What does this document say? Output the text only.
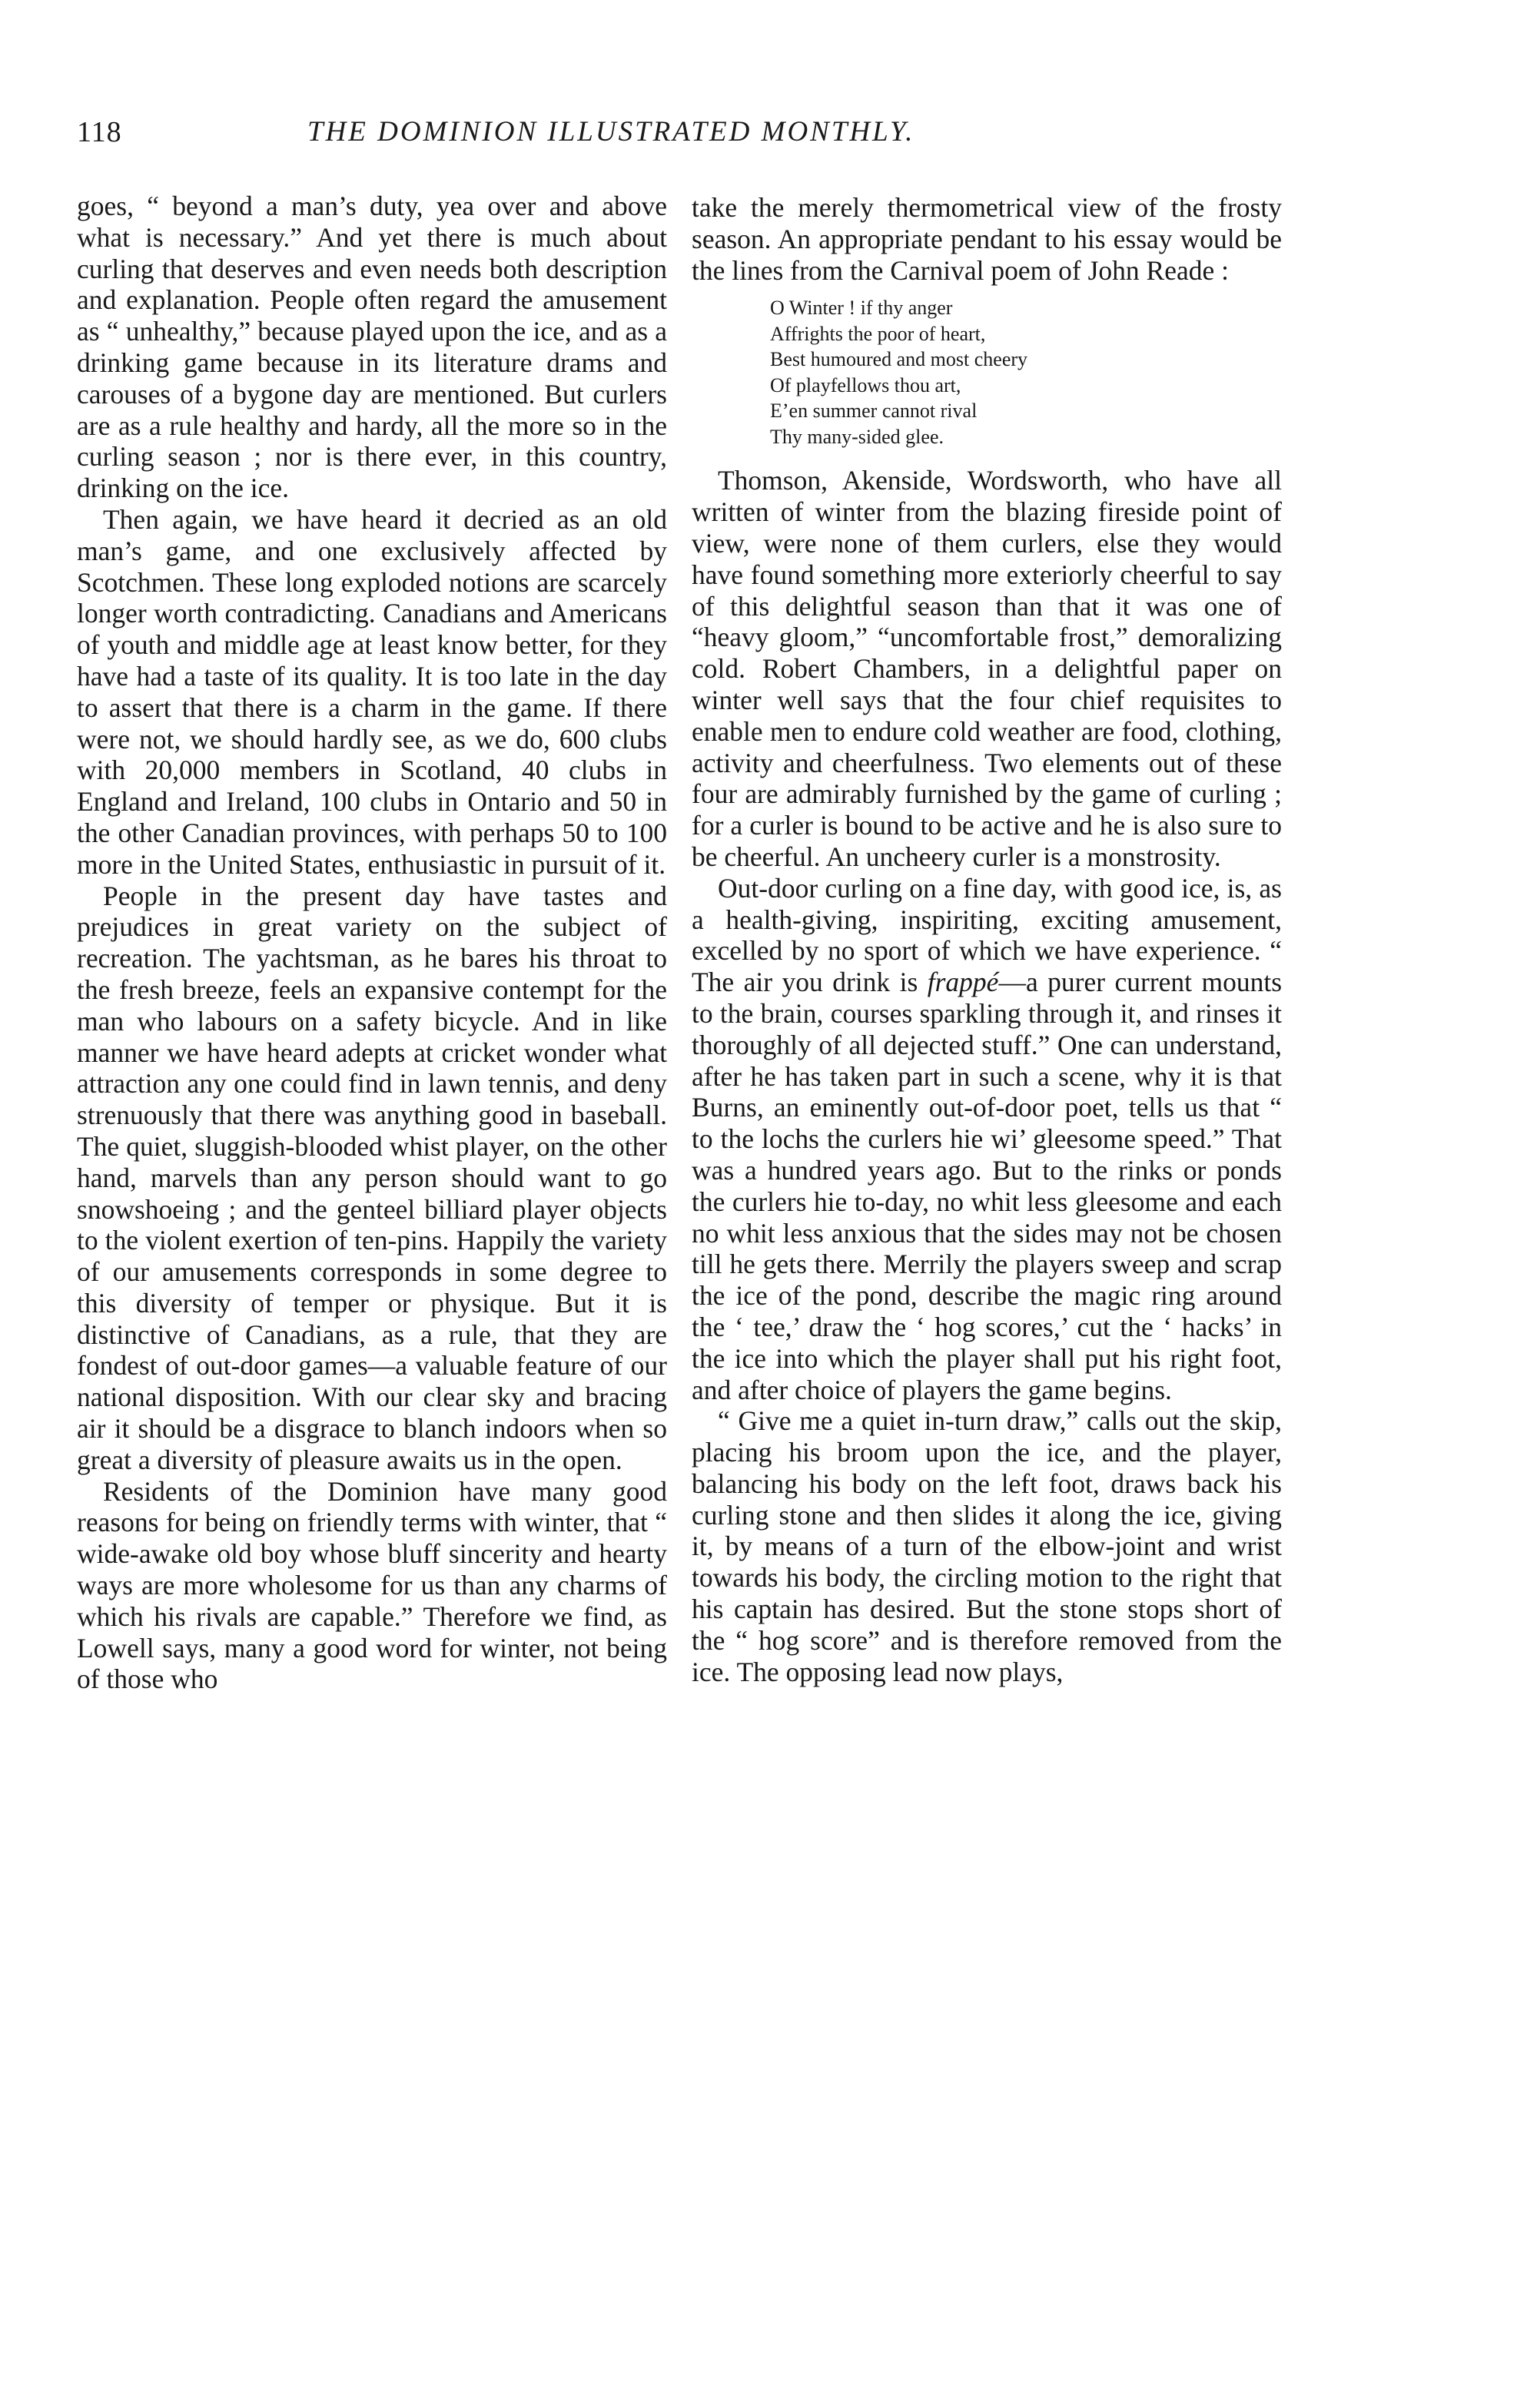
118	THE DOMINION ILLUSTRATED MONTHLY.

goes, “ beyond a man’s duty, yea over and above what is necessary.” And yet there is much about curling that deserves and even needs both description and explanation. People often regard the amusement as “ unhealthy,” because played upon the ice, and as a drinking game because in its literature drams and carouses of a bygone day are mentioned. But curlers are as a rule healthy and hardy, all the more so in the curling season ; nor is there ever, in this country, drinking on the ice.

Then again, we have heard it decried as an old man’s game, and one exclusively affected by Scotchmen. These long exploded notions are scarcely longer worth contradicting. Canadians and Americans of youth and middle age at least know better, for they have had a taste of its quality. It is too late in the day to assert that there is a charm in the game. If there were not, we should hardly see, as we do, 600 clubs with 20,000 members in Scotland, 40 clubs in England and Ireland, 100 clubs in Ontario and 50 in the other Canadian provinces, with perhaps 50 to 100 more in the United States, enthusiastic in pursuit of it.

People in the present day have tastes and prejudices in great variety on the subject of recreation. The yachtsman, as he bares his throat to the fresh breeze, feels an expansive contempt for the man who labours on a safety bicycle. And in like manner we have heard adepts at cricket wonder what attraction any one could find in lawn tennis, and deny strenuously that there was anything good in baseball. The quiet, sluggish-blooded whist player, on the other hand, marvels than any person should want to go snowshoeing ; and the genteel billiard player objects to the violent exertion of ten-pins. Happily the variety of our amusements corresponds in some degree to this diversity of temper or physique. But it is distinctive of Canadians, as a rule, that they are fondest of out-door games—a valuable feature of our national disposition. With our clear sky and bracing air it should be a disgrace to blanch indoors when so great a diversity of pleasure awaits us in the open.

Residents of the Dominion have many good reasons for being on friendly terms with winter, that “ wide-awake old boy whose bluff sincerity and hearty ways are more wholesome for us than any charms of which his rivals are capable.” Therefore we find, as Lowell says, many a good word for winter, not being of those who

take the merely thermometrical view of the frosty season. An appropriate pendant to his essay would be the lines from the Carnival poem of John Reade :

O Winter ! if thy anger
Affrights the poor of heart,
Best humoured and most cheery
Of playfellows thou art,
E’en summer cannot rival
Thy many-sided glee.

Thomson, Akenside, Wordsworth, who have all written of winter from the blazing fireside point of view, were none of them curlers, else they would have found something more exteriorly cheerful to say of this delightful season than that it was one of “heavy gloom,” “uncomfortable frost,” demoralizing cold. Robert Chambers, in a delightful paper on winter well says that the four chief requisites to enable men to endure cold weather are food, clothing, activity and cheerfulness. Two elements out of these four are admirably furnished by the game of curling ; for a curler is bound to be active and he is also sure to be cheerful. An uncheery curler is a monstrosity.

Out-door curling on a fine day, with good ice, is, as a health-giving, inspiriting, exciting amusement, excelled by no sport of which we have experience. “ The air you drink is frappé—a purer current mounts to the brain, courses sparkling through it, and rinses it thoroughly of all dejected stuff.” One can understand, after he has taken part in such a scene, why it is that Burns, an eminently out-of-door poet, tells us that “ to the lochs the curlers hie wi’ gleesome speed.” That was a hundred years ago. But to the rinks or ponds the curlers hie to-day, no whit less gleesome and each no whit less anxious that the sides may not be chosen till he gets there. Merrily the players sweep and scrap the ice of the pond, describe the magic ring around the ‘ tee,’ draw the ‘ hog scores,’ cut the ‘ hacks’ in the ice into which the player shall put his right foot, and after choice of players the game begins.

“ Give me a quiet in-turn draw,” calls out the skip, placing his broom upon the ice, and the player, balancing his body on the left foot, draws back his curling stone and then slides it along the ice, giving it, by means of a turn of the elbow-joint and wrist towards his body, the circling motion to the right that his captain has desired. But the stone stops short of the “ hog score” and is therefore removed from the ice. The opposing lead now plays,
